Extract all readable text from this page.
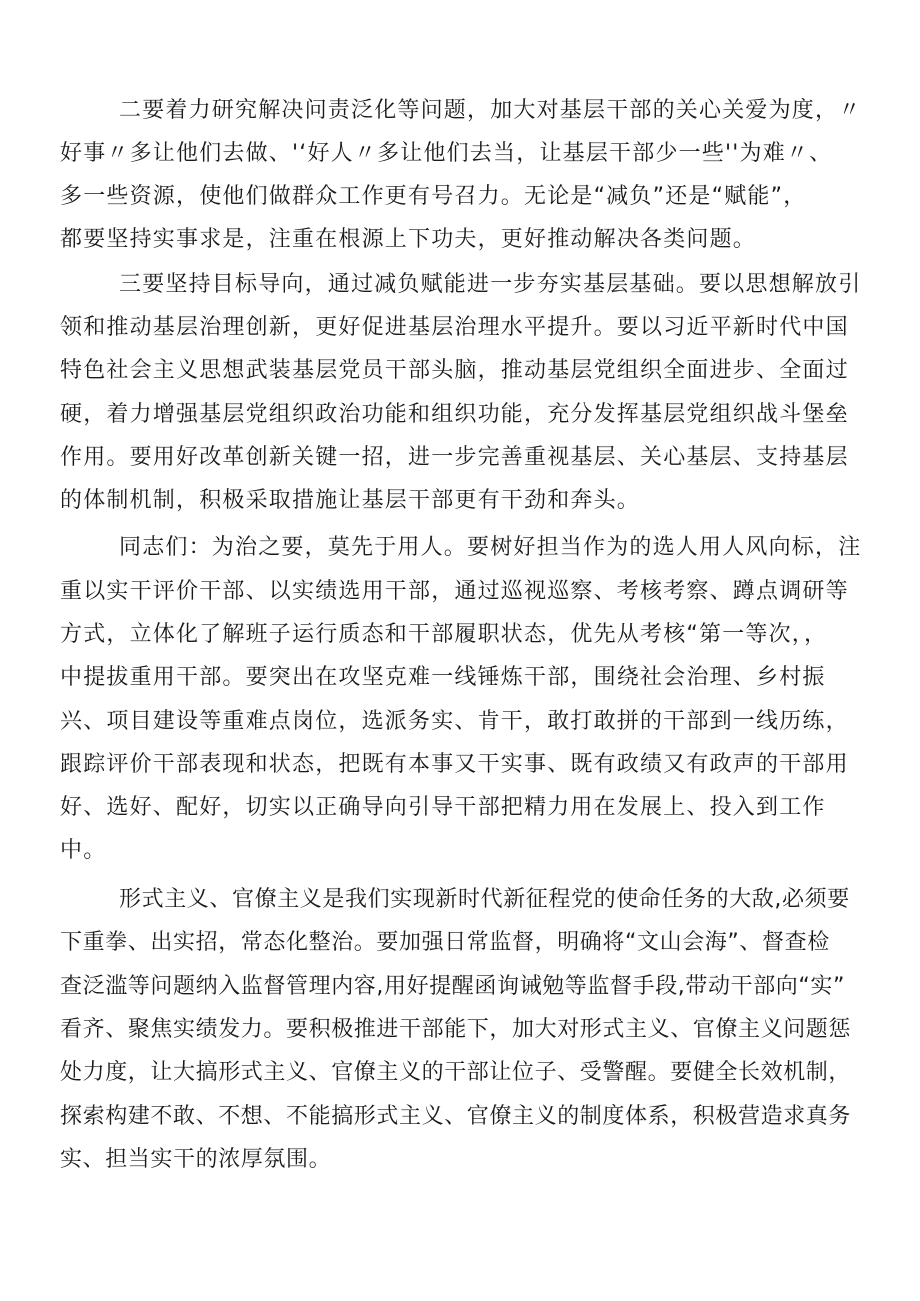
二要着力研究解决问责泛化等问题，加大对基层干部的关心关爱为度，〃
好事〃多让他们去做、'‘好人〃多让他们去当，让基层干部少一些''为难〃、
多一些资源，使他们做群众工作更有号召力。无论是“减负”还是“赋能”，
都要坚持实事求是，注重在根源上下功夫，更好推动解决各类问题。
三要坚持目标导向，通过减负赋能进一步夯实基层基础。要以思想解放引
领和推动基层治理创新，更好促进基层治理水平提升。要以习近平新时代中国
特色社会主义思想武装基层党员干部头脑，推动基层党组织全面进步、全面过
硬，着力增强基层党组织政治功能和组织功能，充分发挥基层党组织战斗堡垒
作用。要用好改革创新关键一招，进一步完善重视基层、关心基层、支持基层
的体制机制，积极采取措施让基层干部更有干劲和奔头。
同志们：为治之要，莫先于用人。要树好担当作为的选人用人风向标，注
重以实干评价干部、以实绩选用干部，通过巡视巡察、考核考察、蹲点调研等
方式，立体化了解班子运行质态和干部履职状态，优先从考核“第一等次，，
中提拔重用干部。要突出在攻坚克难一线锤炼干部，围绕社会治理、乡村振
兴、项目建设等重难点岗位，选派务实、肯干，敢打敢拼的干部到一线历练，
跟踪评价干部表现和状态，把既有本事又干实事、既有政绩又有政声的干部用
好、选好、配好，切实以正确导向引导干部把精力用在发展上、投入到工作
中。
形式主义、官僚主义是我们实现新时代新征程党的使命任务的大敌,必须要
下重拳、出实招，常态化整治。要加强日常监督，明确将“文山会海”、督查检
查泛滥等问题纳入监督管理内容,用好提醒函询诫勉等监督手段,带动干部向“实”
看齐、聚焦实绩发力。要积极推进干部能下，加大对形式主义、官僚主义问题惩
处力度，让大搞形式主义、官僚主义的干部让位子、受警醒。要健全长效机制，
探索构建不敢、不想、不能搞形式主义、官僚主义的制度体系，积极营造求真务
实、担当实干的浓厚氛围。
